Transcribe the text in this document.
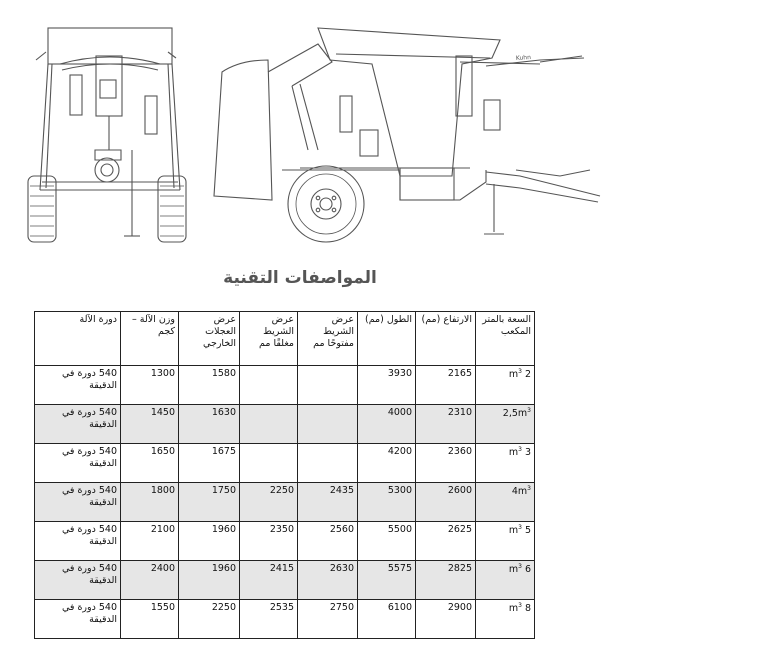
Kuhn
المواصفات التقنية
دورة الآلة	وزن الآلة – كجم	عرض العجلات الخارجي	عرض الشريط مغلقًا مم	عرض الشريط مفتوحًا مم	الطول (مم)	الارتفاع (مم)	السعة بالمتر المكعب
540 دورة في الدقيقة	1300	1580			3930	2165	2 $m^3$
540 دورة في الدقيقة	1450	1630			4000	2310	$2,5m^3$
540 دورة في الدقيقة	1650	1675			4200	2360	3 $m^3$
540 دورة في الدقيقة	1800	1750	2250	2435	5300	2600	$4m^3$
540 دورة في الدقيقة	2100	1960	2350	2560	5500	2625	5 $m^3$
540 دورة في الدقيقة	2400	1960	2415	2630	5575	2825	6 $m^3$
540 دورة في الدقيقة	1550	2250	2535	2750	6100	2900	8 $m^3$
